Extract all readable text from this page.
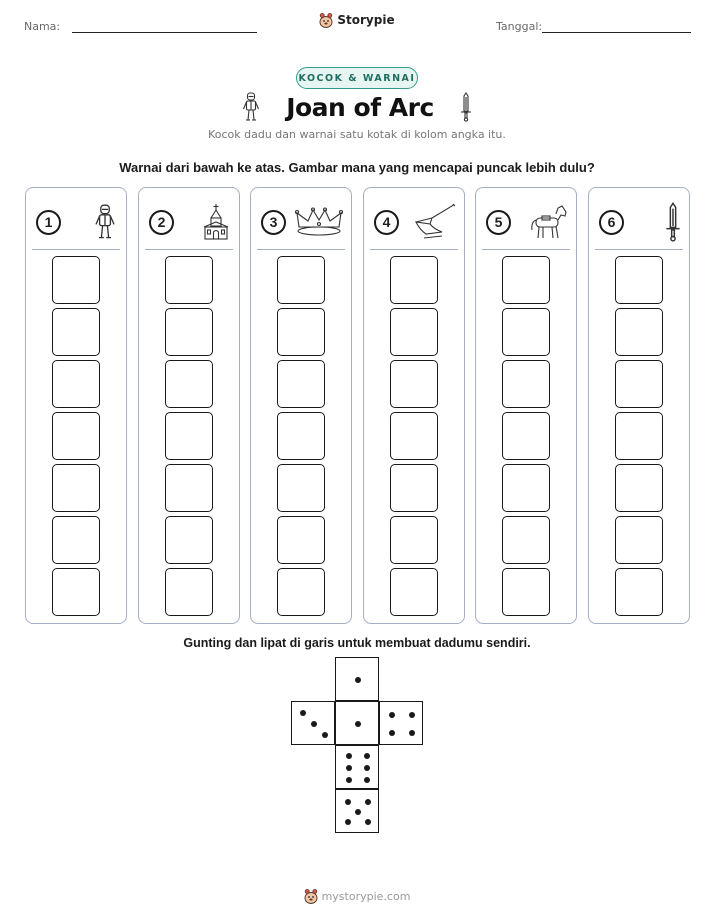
Nama:	Storypie	Tanggal:
KOCOK & WARNAI
Joan of Arc
Kocok dadu dan warnai satu kotak di kolom angka itu.
Warnai dari bawah ke atas. Gambar mana yang mencapai puncak lebih dulu?
1	2	3	4	5	6
Gunting dan lipat di garis untuk membuat dadumu sendiri.
mystorypie.com
